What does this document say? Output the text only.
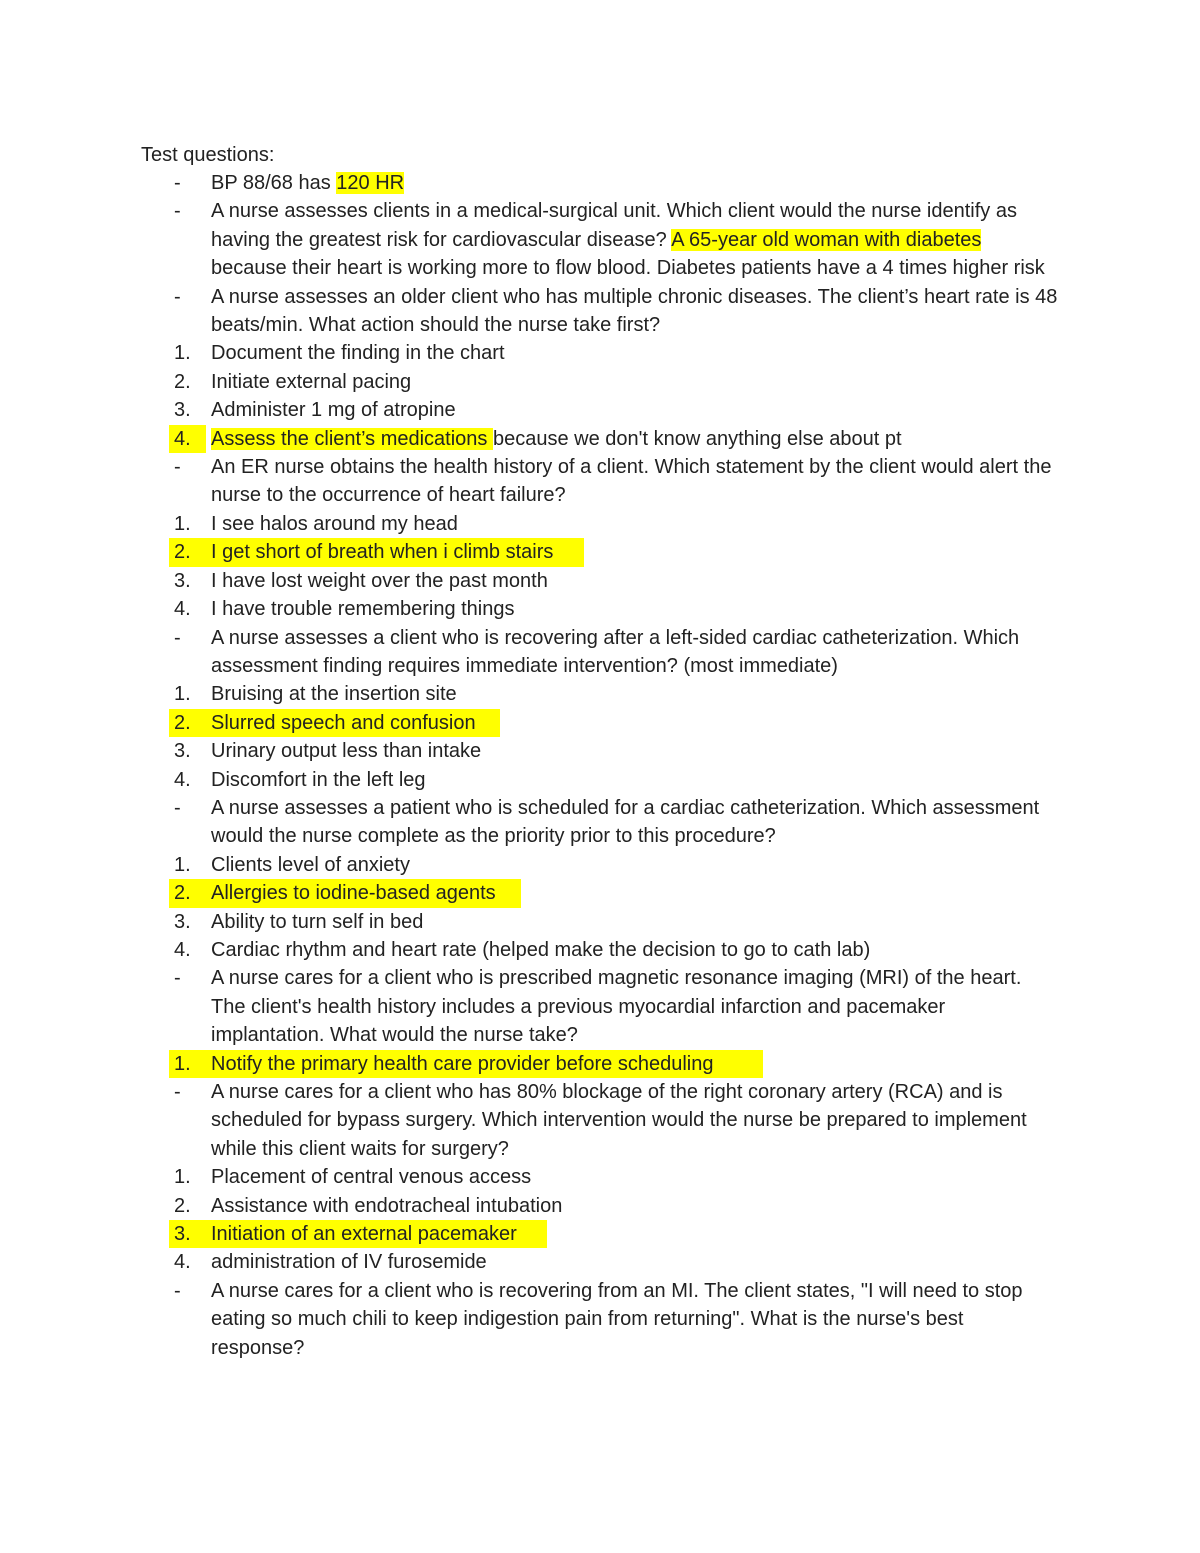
Test questions:
-	BP 88/68 has 120 HR
-	A nurse assesses clients in a medical-surgical unit. Which client would the nurse identify as having the greatest risk for cardiovascular disease? A 65-year old woman with diabetes because their heart is working more to flow blood. Diabetes patients have a 4 times higher risk
-	A nurse assesses an older client who has multiple chronic diseases. The client’s heart rate is 48 beats/min. What action should the nurse take first?
1.	Document the finding in the chart
2.	Initiate external pacing
3.	Administer 1 mg of atropine
4.	Assess the client’s medications because we don't know anything else about pt
-	An ER nurse obtains the health history of a client. Which statement by the client would alert the nurse to the occurrence of heart failure?
1.	I see halos around my head
2.	I get short of breath when i climb stairs
3.	I have lost weight over the past month
4.	I have trouble remembering things
-	A nurse assesses a client who is recovering after a left-sided cardiac catheterization. Which assessment finding requires immediate intervention? (most immediate)
1.	Bruising at the insertion site
2.	Slurred speech and confusion
3.	Urinary output less than intake
4.	Discomfort in the left leg
-	A nurse assesses a patient who is scheduled for a cardiac catheterization. Which assessment would the nurse complete as the priority prior to this procedure?
1.	Clients level of anxiety
2.	Allergies to iodine-based agents
3.	Ability to turn self in bed
4.	Cardiac rhythm and heart rate (helped make the decision to go to cath lab)
-	A nurse cares for a client who is prescribed magnetic resonance imaging (MRI) of the heart. The client's health history includes a previous myocardial infarction and pacemaker implantation. What would the nurse take?
1.	Notify the primary health care provider before scheduling
-	A nurse cares for a client who has 80% blockage of the right coronary artery (RCA) and is scheduled for bypass surgery. Which intervention would the nurse be prepared to implement while this client waits for surgery?
1.	Placement of central venous access
2.	Assistance with endotracheal intubation
3.	Initiation of an external pacemaker
4.	administration of IV furosemide
-	A nurse cares for a client who is recovering from an MI. The client states, "I will need to stop eating so much chili to keep indigestion pain from returning". What is the nurse's best response?
